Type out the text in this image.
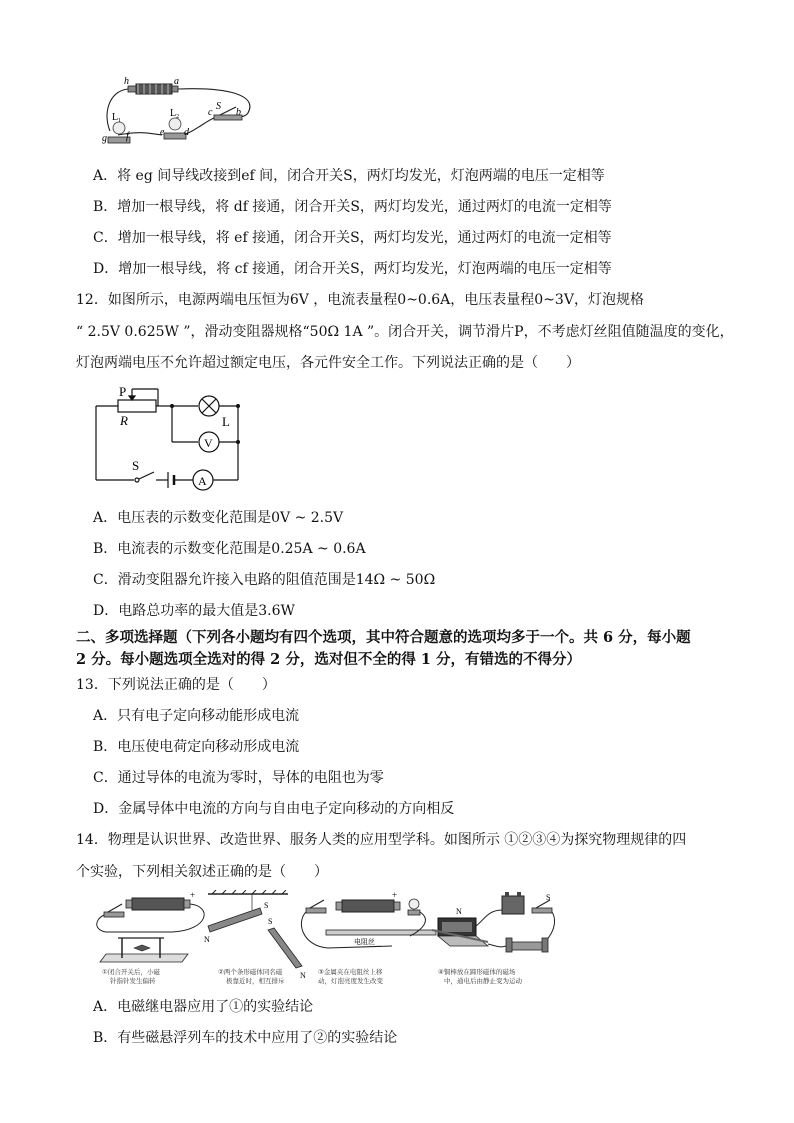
h	a
S
c b
$L_1$
g f
$L_2$
e d
A．将 eg 间导线改接到ef 间，闭合开关S，两灯均发光，灯泡两端的电压一定相等
B．增加一根导线，将 df 接通，闭合开关S，两灯均发光，通过两灯的电流一定相等
C．增加一根导线，将 ef 接通，闭合开关S，两灯均发光，通过两灯的电流一定相等
D．增加一根导线，将 cf 接通，闭合开关S，两灯均发光，灯泡两端的电压一定相等
12．如图所示，电源两端电压恒为6V ，电流表量程0~0.6A，电压表量程0~3V，灯泡规格
“ 2.5V 0.625W ”，滑动变阻器规格“50Ω 1A ”。闭合开关，调节滑片P，不考虑灯丝阻值随温度的变化，
灯泡两端电压不允许超过额定电压，各元件安全工作。下列说法正确的是（　　）
P
R	L
V
A
S
A．电压表的示数变化范围是0V ~ 2.5V
B．电流表的示数变化范围是0.25A ~ 0.6A
C．滑动变阻器允许接入电路的阻值范围是14Ω ~ 50Ω
D．电路总功率的最大值是3.6W
二、多项选择题（下列各小题均有四个选项，其中符合题意的选项均多于一个。共 6 分，每小题
2 分。每小题选项全选对的得 2 分，选对但不全的得 1 分，有错选的不得分）
13．下列说法正确的是（　　）
A．只有电子定向移动能形成电流
B．电压使电荷定向移动形成电流
C．通过导体的电流为零时，导体的电阻也为零
D．金属导体中电流的方向与自由电子定向移动的方向相反
14．物理是认识世界、改造世界、服务人类的应用型学科。如图所示 ①②③④为探究物理规律的四
个实验，下列相关叙述正确的是（　　）
+
①闭合开关后，小磁
针指针发生偏转
N
S
S
N
②两个条形磁体同名磁
极靠近时，相互排斥
+
电阻丝
③金属夹在电阻丝上移
动，灯泡亮度发生改变
S
N
④铜棒放在蹄形磁体的磁场
中，通电后由静止变为运动
A．电磁继电器应用了①的实验结论
B．有些磁悬浮列车的技术中应用了②的实验结论
